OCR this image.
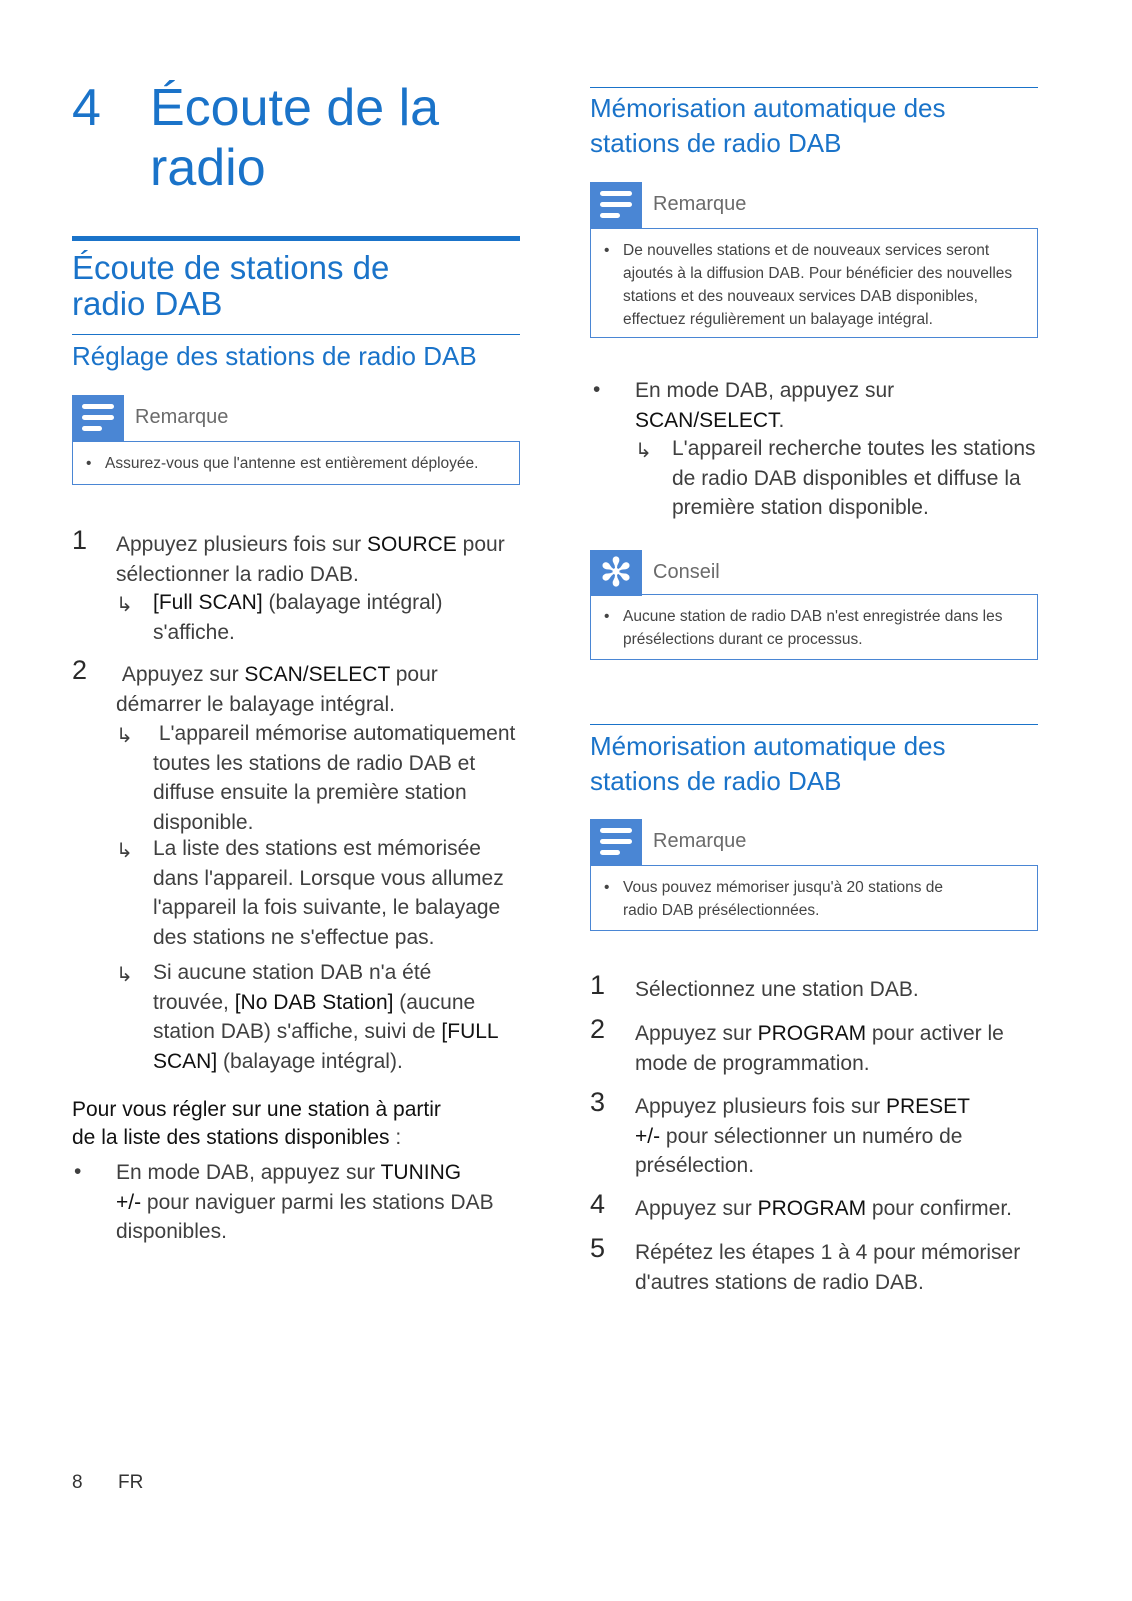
4 Écoute de la
radio
Écoute de stations de
radio DAB
Réglage des stations de radio DAB
Remarque
• Assurez-vous que l'antenne est entièrement déployée.
1 Appuyez plusieurs fois sur SOURCE pour
sélectionner la radio DAB.
↳ [Full SCAN] (balayage intégral)
s'affiche.
2 Appuyez sur SCAN/SELECT pour
démarrer le balayage intégral.
↳ L'appareil mémorise automatiquement
toutes les stations de radio DAB et
diffuse ensuite la première station
disponible.
↳ La liste des stations est mémorisée
dans l'appareil. Lorsque vous allumez
l'appareil la fois suivante, le balayage
des stations ne s'effectue pas.
↳ Si aucune station DAB n'a été
trouvée, [No DAB Station] (aucune
station DAB) s'affiche, suivi de [FULL
SCAN] (balayage intégral).
Pour vous régler sur une station à partir
de la liste des stations disponibles :
• En mode DAB, appuyez sur TUNING
+/- pour naviguer parmi les stations DAB
disponibles.
8 FR
Mémorisation automatique des
stations de radio DAB
Remarque
• De nouvelles stations et de nouveaux services seront
ajoutés à la diffusion DAB. Pour bénéficier des nouvelles
stations et des nouveaux services DAB disponibles,
effectuez régulièrement un balayage intégral.
• En mode DAB, appuyez sur
SCAN/SELECT.
↳ L'appareil recherche toutes les stations
de radio DAB disponibles et diffuse la
première station disponible.
✻	Conseil
• Aucune station de radio DAB n'est enregistrée dans les
présélections durant ce processus.
Mémorisation automatique des
stations de radio DAB
Remarque
• Vous pouvez mémoriser jusqu'à 20 stations de
radio DAB présélectionnées.
1 Sélectionnez une station DAB.
2 Appuyez sur PROGRAM pour activer le
mode de programmation.
3 Appuyez plusieurs fois sur PRESET
+/- pour sélectionner un numéro de
présélection.
4 Appuyez sur PROGRAM pour confirmer.
5 Répétez les étapes 1 à 4 pour mémoriser
d'autres stations de radio DAB.
